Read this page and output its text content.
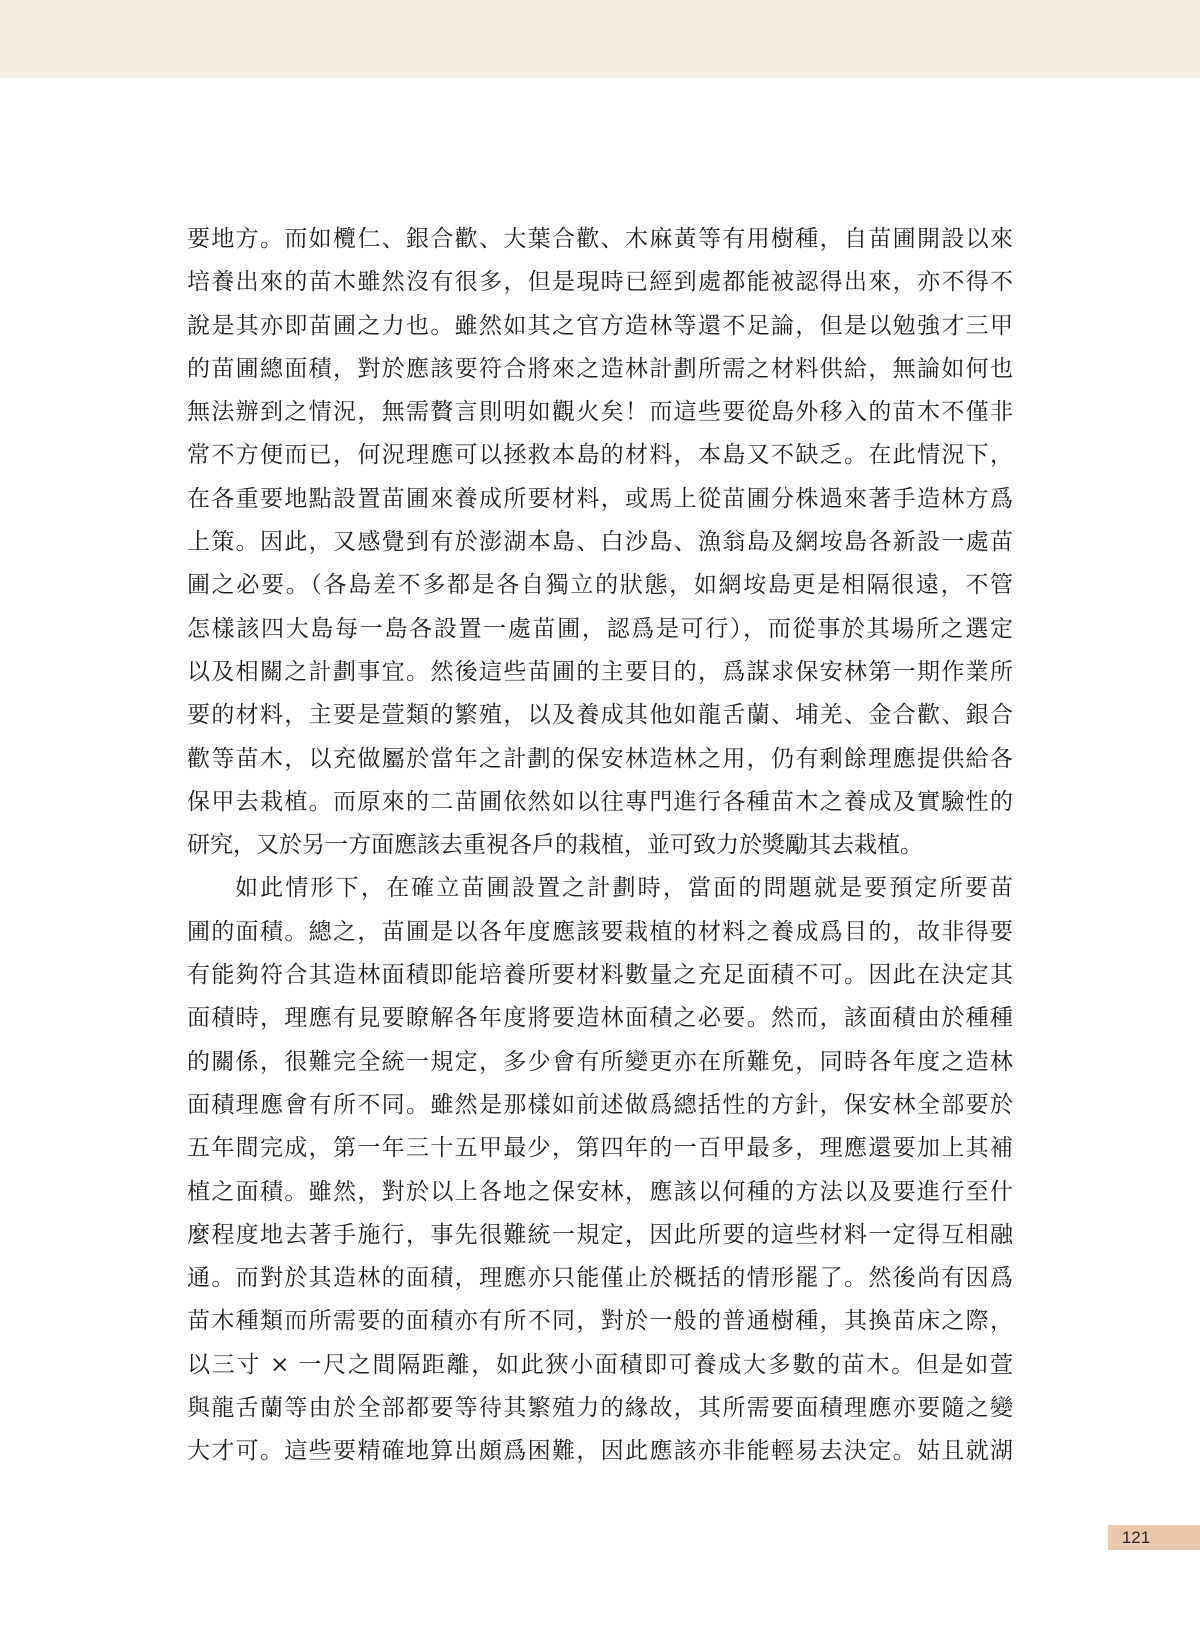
要地方。而如欖仁、銀合歡、大葉合歡、木麻黃等有用樹種，自苗圃開設以來
培養出來的苗木雖然沒有很多，但是現時已經到處都能被認得出來，亦不得不
說是其亦即苗圃之力也。雖然如其之官方造林等還不足論，但是以勉強才三甲
的苗圃總面積，對於應該要符合將來之造林計劃所需之材料供給，無論如何也
無法辦到之情況，無需贅言則明如觀火矣！而這些要從島外移入的苗木不僅非
常不方便而已，何況理應可以拯救本島的材料，本島又不缺乏。在此情況下，
在各重要地點設置苗圃來養成所要材料，或馬上從苗圃分株過來著手造林方爲
上策。因此，又感覺到有於澎湖本島、白沙島、漁翁島及網垵島各新設一處苗
圃之必要。（各島差不多都是各自獨立的狀態，如網垵島更是相隔很遠，不管
怎樣該四大島每一島各設置一處苗圃，認爲是可行），而從事於其場所之選定
以及相關之計劃事宜。然後這些苗圃的主要目的，爲謀求保安林第一期作業所
要的材料，主要是萱類的繁殖，以及養成其他如龍舌蘭、埔羌、金合歡、銀合
歡等苗木，以充做屬於當年之計劃的保安林造林之用，仍有剩餘理應提供給各
保甲去栽植。而原來的二苗圃依然如以往專門進行各種苗木之養成及實驗性的
研究，又於另一方面應該去重視各戶的栽植，並可致力於獎勵其去栽植。

如此情形下，在確立苗圃設置之計劃時，當面的問題就是要預定所要苗
圃的面積。總之，苗圃是以各年度應該要栽植的材料之養成爲目的，故非得要
有能夠符合其造林面積即能培養所要材料數量之充足面積不可。因此在決定其
面積時，理應有見要瞭解各年度將要造林面積之必要。然而，該面積由於種種
的關係，很難完全統一規定，多少會有所變更亦在所難免，同時各年度之造林
面積理應會有所不同。雖然是那樣如前述做爲總括性的方針，保安林全部要於
五年間完成，第一年三十五甲最少，第四年的一百甲最多，理應還要加上其補
植之面積。雖然，對於以上各地之保安林，應該以何種的方法以及要進行至什
麼程度地去著手施行，事先很難統一規定，因此所要的這些材料一定得互相融
通。而對於其造林的面積，理應亦只能僅止於概括的情形罷了。然後尚有因爲
苗木種類而所需要的面積亦有所不同，對於一般的普通樹種，其換苗床之際，
以三寸 × 一尺之間隔距離，如此狹小面積即可養成大多數的苗木。但是如萱
與龍舌蘭等由於全部都要等待其繁殖力的緣故，其所需要面積理應亦要隨之變
大才可。這些要精確地算出頗爲困難，因此應該亦非能輕易去決定。姑且就湖

121
